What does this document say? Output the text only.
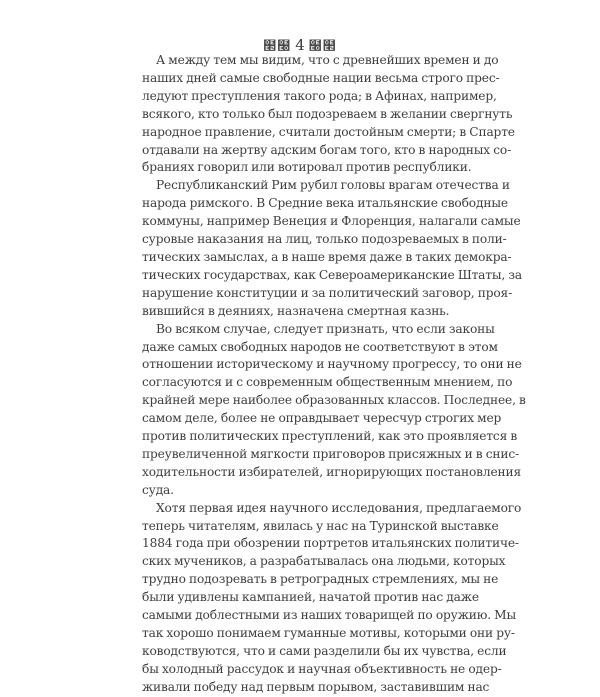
໢໠ 4 ໠໢
А между тем мы видим, что с древнейших времен и до
наших дней самые свободные нации весьма строго прес-
ледуют преступления такого рода; в Афинах, например,
всякого, кто только был подозреваем в желании свергнуть
народное правление, считали достойным смерти; в Спарте
отдавали на жертву адским богам того, кто в народных со-
браниях говорил или вотировал против республики.
Республиканский Рим рубил головы врагам отечества и
народа римского. В Средние века итальянские свободные
коммуны, например Венеция и Флоренция, налагали самые
суровые наказания на лиц, только подозреваемых в поли-
тических замыслах, а в наше время даже в таких демокра-
тических государствах, как Североамериканские Штаты, за
нарушение конституции и за политический заговор, проя-
вившийся в деяниях, назначена смертная казнь.
Во всяком случае, следует признать, что если законы
даже самых свободных народов не соответствуют в этом
отношении историческому и научному прогрессу, то они не
согласуются и с современным общественным мнением, по
крайней мере наиболее образованных классов. Последнее, в
самом деле, более не оправдывает чересчур строгих мер
против политических преступлений, как это проявляется в
преувеличенной мягкости приговоров присяжных и в снис-
ходительности избирателей, игнорирующих постановления
суда.
Хотя первая идея научного исследования, предлагаемого
теперь читателям, явилась у нас на Туринской выставке
1884 года при обозрении портретов итальянских политиче-
ских мучеников, а разрабатывалась она людьми, которых
трудно подозревать в ретроградных стремлениях, мы не
были удивлены кампанией, начатой против нас даже
самыми доблестными из наших товарищей по оружию. Мы
так хорошо понимаем гуманные мотивы, которыми они ру-
ководствуются, что и сами разделили бы их чувства, если
бы холодный рассудок и научная объективность не одер-
живали победу над первым порывом, заставившим нас
